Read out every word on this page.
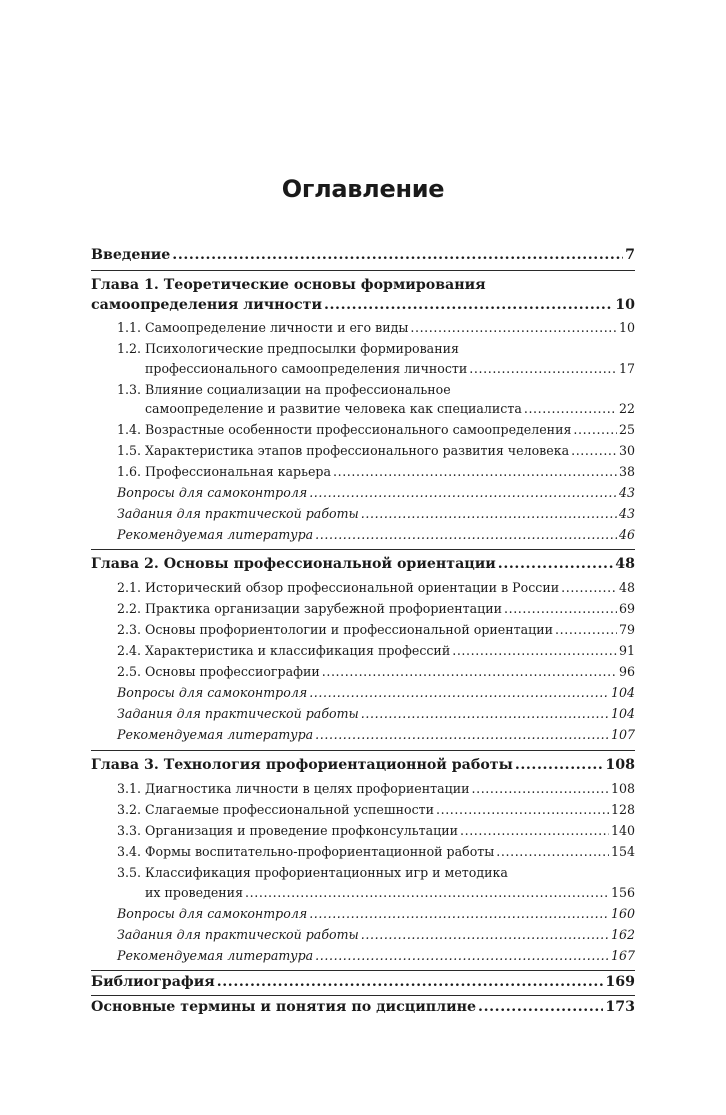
Оглавление
Введение .....	7
Глава 1. Теоретические основы формирования
самоопределения личности .....	10
1.1. Самоопределение личности и его виды .....	10
1.2. Психологические предпосылки формирования
профессионального самоопределения личности .....	17
1.3. Влияние социализации на профессиональное
самоопределение и развитие человека как специалиста .....	22
1.4. Возрастные особенности профессионального самоопределения .....	25
1.5. Характеристика этапов профессионального развития человека .....	30
1.6. Профессиональная карьера .....	38
Вопросы для самоконтроля .....	43
Задания для практической работы .....	43
Рекомендуемая литература .....	46
Глава 2. Основы профессиональной ориентации .....	48
2.1. Исторический обзор профессиональной ориентации в России .....	48
2.2. Практика организации зарубежной профориентации .....	69
2.3. Основы профориентологии и профессиональной ориентации .....	79
2.4. Характеристика и классификация профессий .....	91
2.5. Основы профессиографии .....	96
Вопросы для самоконтроля .....	104
Задания для практической работы .....	104
Рекомендуемая литература .....	107
Глава 3. Технология профориентационной работы .....	108
3.1. Диагностика личности в целях профориентации .....	108
3.2. Слагаемые профессиональной успешности .....	128
3.3. Организация и проведение профконсультации .....	140
3.4. Формы воспитательно-профориентационной работы .....	154
3.5. Классификация профориентационных игр и методика
их проведения .....	156
Вопросы для самоконтроля .....	160
Задания для практической работы .....	162
Рекомендуемая литература .....	167
Библиография .....	169
Основные термины и понятия по дисциплине .....	173
